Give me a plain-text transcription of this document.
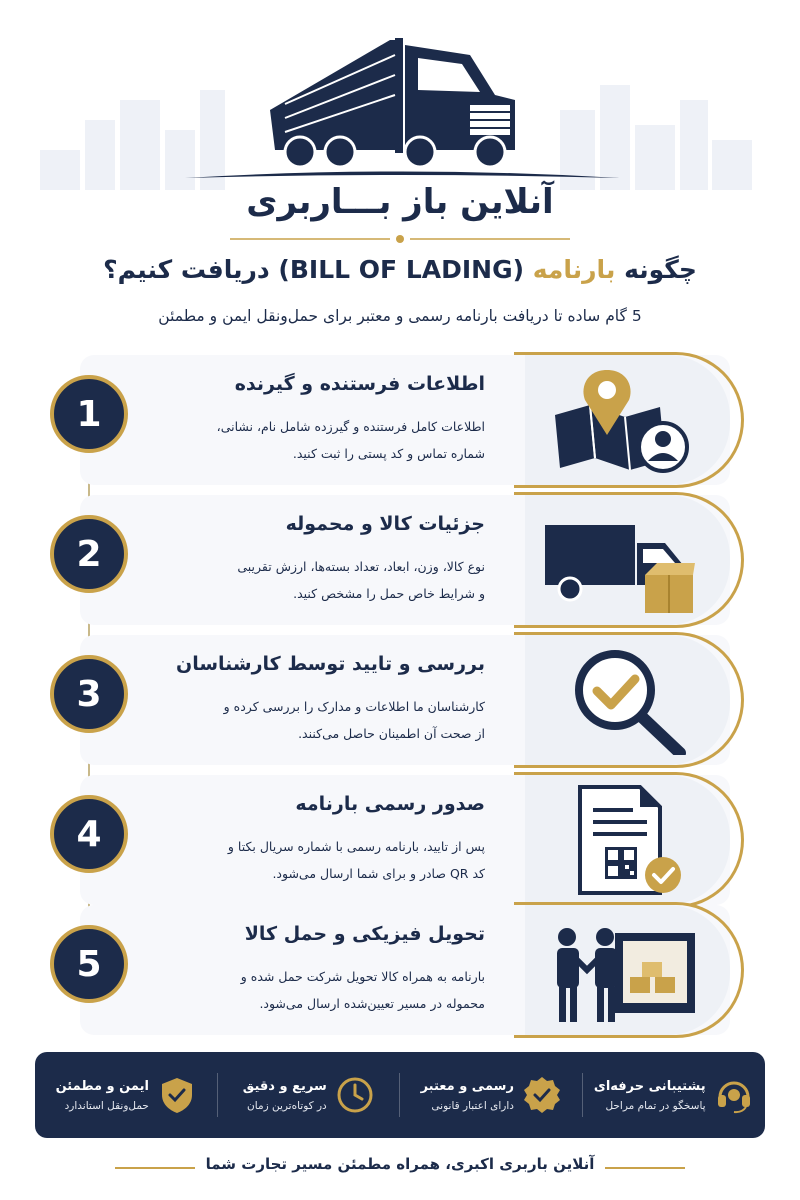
آنلاین باز بـــاربری
چگونه بارنامه (BILL OF LADING) دریافت کنیم؟
5 گام ساده تا دریافت بارنامه رسمی و معتبر برای حمل‌ونقل ایمن و مطمئن
1
اطلاعات فرستنده و گیرنده
اطلاعات کامل فرستنده و گیرزده شامل نام، نشانی،
شماره تماس و کد پستی را ثبت کنید.
2
جزئیات کالا و محموله
نوع کالا، وزن، ابعاد، تعداد بسته‌ها، ارزش تقریبی
و شرایط خاص حمل را مشخص کنید.
3
بررسی و تایید توسط کارشناسان
کارشناسان ما اطلاعات و مدارک را بررسی کرده و
از صحت آن اطمینان حاصل می‌کنند.
4
صدور رسمی بارنامه
پس از تایید، بارنامه رسمی با شماره سریال بکتا و
کد QR صادر و برای شما ارسال می‌شود.
5
تحویل فیزیکی و حمل کالا
بارنامه به همراه کالا تحویل شرکت حمل شده و
محموله در مسیر تعیین‌شده ارسال می‌شود.
پشتیبانی حرفه‌ای
پاسخگو در تمام مراحل
رسمی و معتبر
دارای اعتبار قانونی
سریع و دقیق
در کوتاه‌ترین زمان
ایمن و مطمئن
حمل‌ونقل استاندارد
آنلاین باربری اکبری، همراه مطمئن مسیر تجارت شما
